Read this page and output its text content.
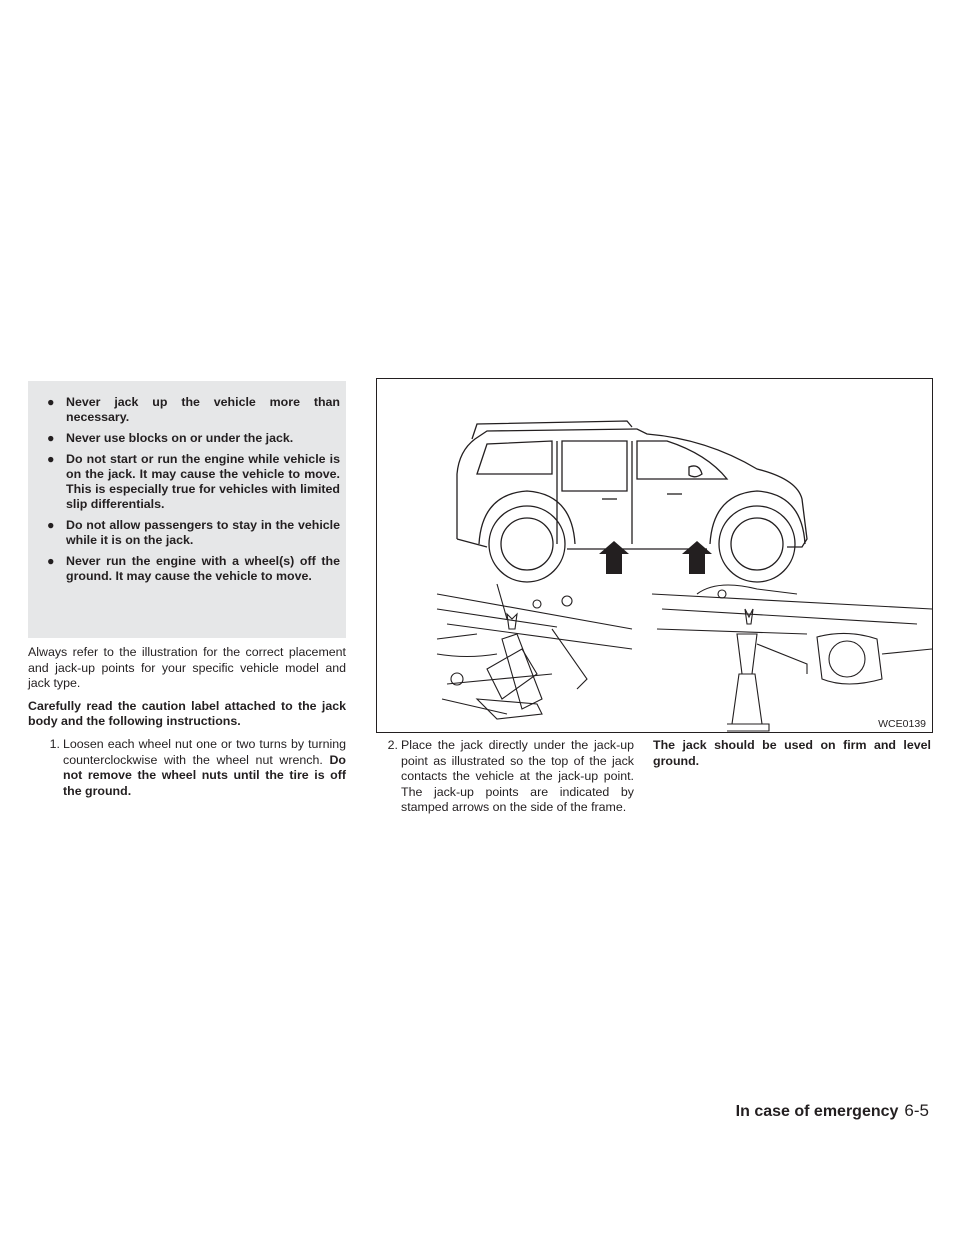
● Never jack up the vehicle more than necessary.
● Never use blocks on or under the jack.
● Do not start or run the engine while vehicle is on the jack. It may cause the vehicle to move. This is especially true for vehicles with limited slip differentials.
● Do not allow passengers to stay in the vehicle while it is on the jack.
● Never run the engine with a wheel(s) off the ground. It may cause the vehicle to move.

Always refer to the illustration for the correct placement and jack-up points for your specific vehicle model and jack type.

Carefully read the caution label attached to the jack body and the following instructions.

1. Loosen each wheel nut one or two turns by turning counterclockwise with the wheel nut wrench. Do not remove the wheel nuts until the tire is off the ground.
WCE0139
2. Place the jack directly under the jack-up point as illustrated so the top of the jack contacts the vehicle at the jack-up point. The jack-up points are indicated by stamped arrows on the side of the frame.

The jack should be used on firm and level ground.

In case of emergency 6-5
